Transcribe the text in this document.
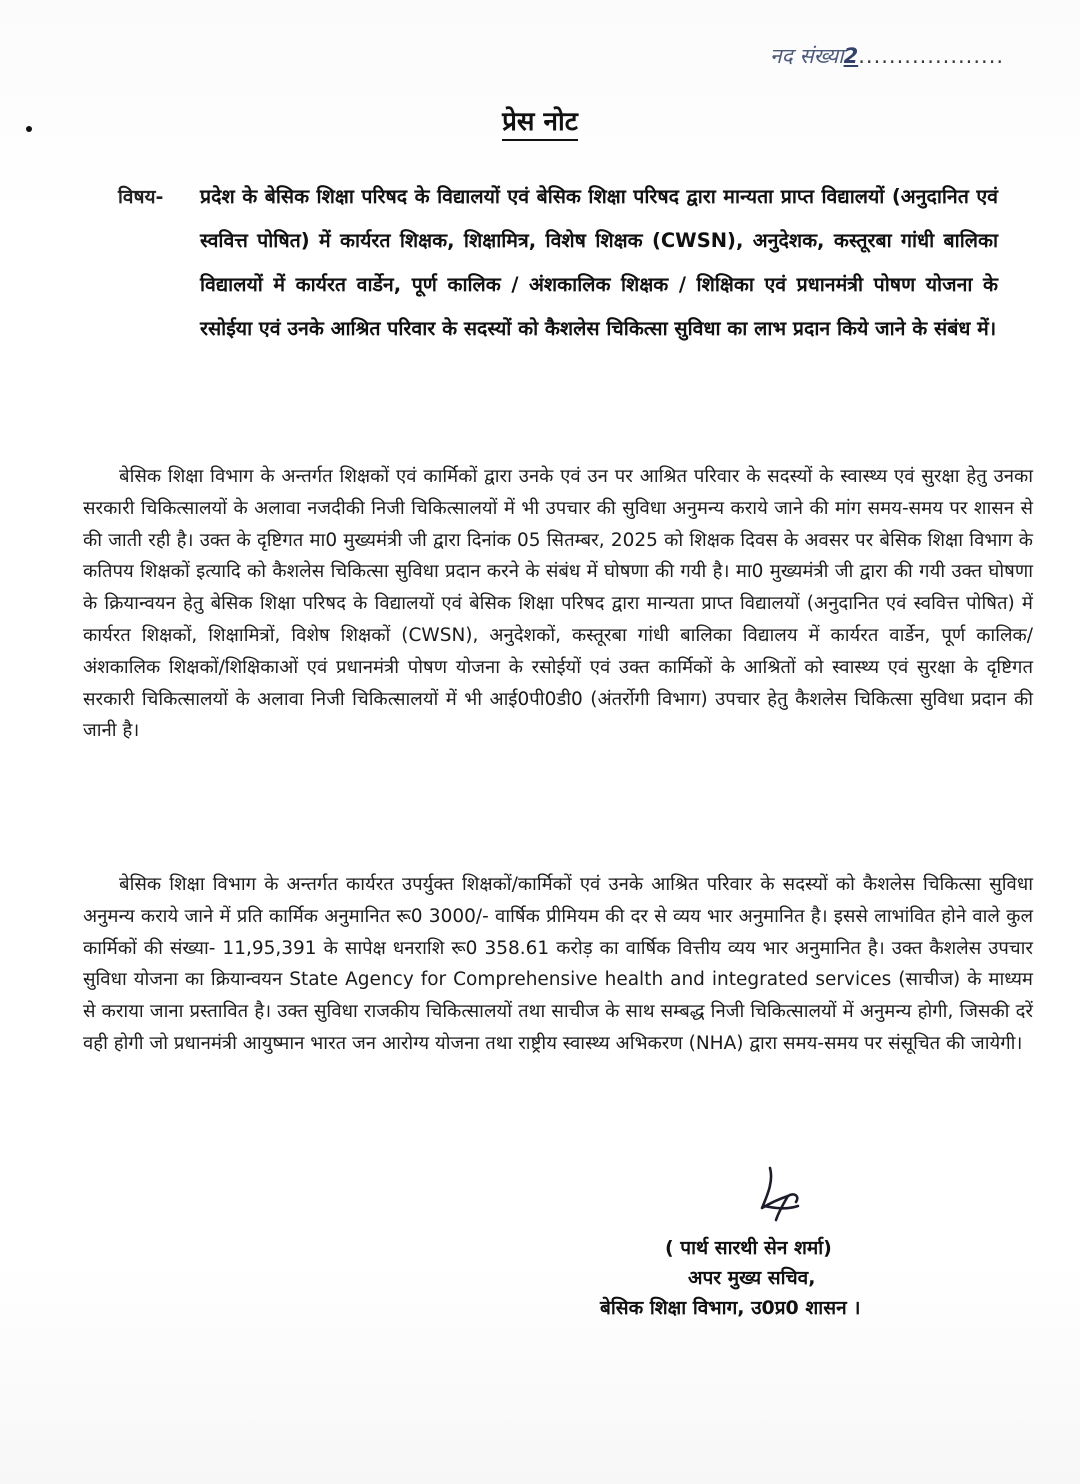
नद संख्या2...................
प्रेस नोट
विषय-	प्रदेश के बेसिक शिक्षा परिषद के विद्यालयों एवं बेसिक शिक्षा परिषद द्वारा मान्यता प्राप्त विद्यालयों (अनुदानित एवं स्ववित्त पोषित) में कार्यरत शिक्षक, शिक्षामित्र, विशेष शिक्षक (CWSN), अनुदेशक, कस्तूरबा गांधी बालिका विद्यालयों में कार्यरत वार्डेन, पूर्ण कालिक / अंशकालिक शिक्षक / शिक्षिका एवं प्रधानमंत्री पोषण योजना के रसोईया एवं उनके आश्रित परिवार के सदस्यों को कैशलेस चिकित्सा सुविधा का लाभ प्रदान किये जाने के संबंध में।
बेसिक शिक्षा विभाग के अन्तर्गत शिक्षकों एवं कार्मिकों द्वारा उनके एवं उन पर आश्रित परिवार के सदस्यों के स्वास्थ्य एवं सुरक्षा हेतु उनका सरकारी चिकित्सालयों के अलावा नजदीकी निजी चिकित्सालयों में भी उपचार की सुविधा अनुमन्य कराये जाने की मांग समय-समय पर शासन से की जाती रही है। उक्त के दृष्टिगत मा0 मुख्यमंत्री जी द्वारा दिनांक 05 सितम्बर, 2025 को शिक्षक दिवस के अवसर पर बेसिक शिक्षा विभाग के कतिपय शिक्षकों इत्यादि को कैशलेस चिकित्सा सुविधा प्रदान करने के संबंध में घोषणा की गयी है। मा0 मुख्यमंत्री जी द्वारा की गयी उक्त घोषणा के क्रियान्वयन हेतु बेसिक शिक्षा परिषद के विद्यालयों एवं बेसिक शिक्षा परिषद द्वारा मान्यता प्राप्त विद्यालयों (अनुदानित एवं स्ववित्त पोषित) में कार्यरत शिक्षकों, शिक्षामित्रों, विशेष शिक्षकों (CWSN), अनुदेशकों, कस्तूरबा गांधी बालिका विद्यालय में कार्यरत वार्डेन, पूर्ण कालिक/अंशकालिक शिक्षकों/शिक्षिकाओं एवं प्रधानमंत्री पोषण योजना के रसोईयों एवं उक्त कार्मिकों के आश्रितों को स्वास्थ्य एवं सुरक्षा के दृष्टिगत सरकारी चिकित्सालयों के अलावा निजी चिकित्सालयों में भी आई0पी0डी0 (अंतर्रोगी विभाग) उपचार हेतु कैशलेस चिकित्सा सुविधा प्रदान की जानी है।
बेसिक शिक्षा विभाग के अन्तर्गत कार्यरत उपर्युक्त शिक्षकों/कार्मिकों एवं उनके आश्रित परिवार के सदस्यों को कैशलेस चिकित्सा सुविधा अनुमन्य कराये जाने में प्रति कार्मिक अनुमानित रू0 3000/- वार्षिक प्रीमियम की दर से व्यय भार अनुमानित है। इससे लाभांवित होने वाले कुल कार्मिकों की संख्या- 11,95,391 के सापेक्ष धनराशि रू0 358.61 करोड़ का वार्षिक वित्तीय व्यय भार अनुमानित है। उक्त कैशलेस उपचार सुविधा योजना का क्रियान्वयन State Agency for Comprehensive health and integrated services (साचीज) के माध्यम से कराया जाना प्रस्तावित है। उक्त सुविधा राजकीय चिकित्सालयों तथा साचीज के साथ सम्बद्ध निजी चिकित्सालयों में अनुमन्य होगी, जिसकी दरें वही होगी जो प्रधानमंत्री आयुष्मान भारत जन आरोग्य योजना तथा राष्ट्रीय स्वास्थ्य अभिकरण (NHA) द्वारा समय-समय पर संसूचित की जायेगी।
( पार्थ सारथी सेन शर्मा)
अपर मुख्य सचिव,
बेसिक शिक्षा विभाग, उ0प्र0 शासन ।
